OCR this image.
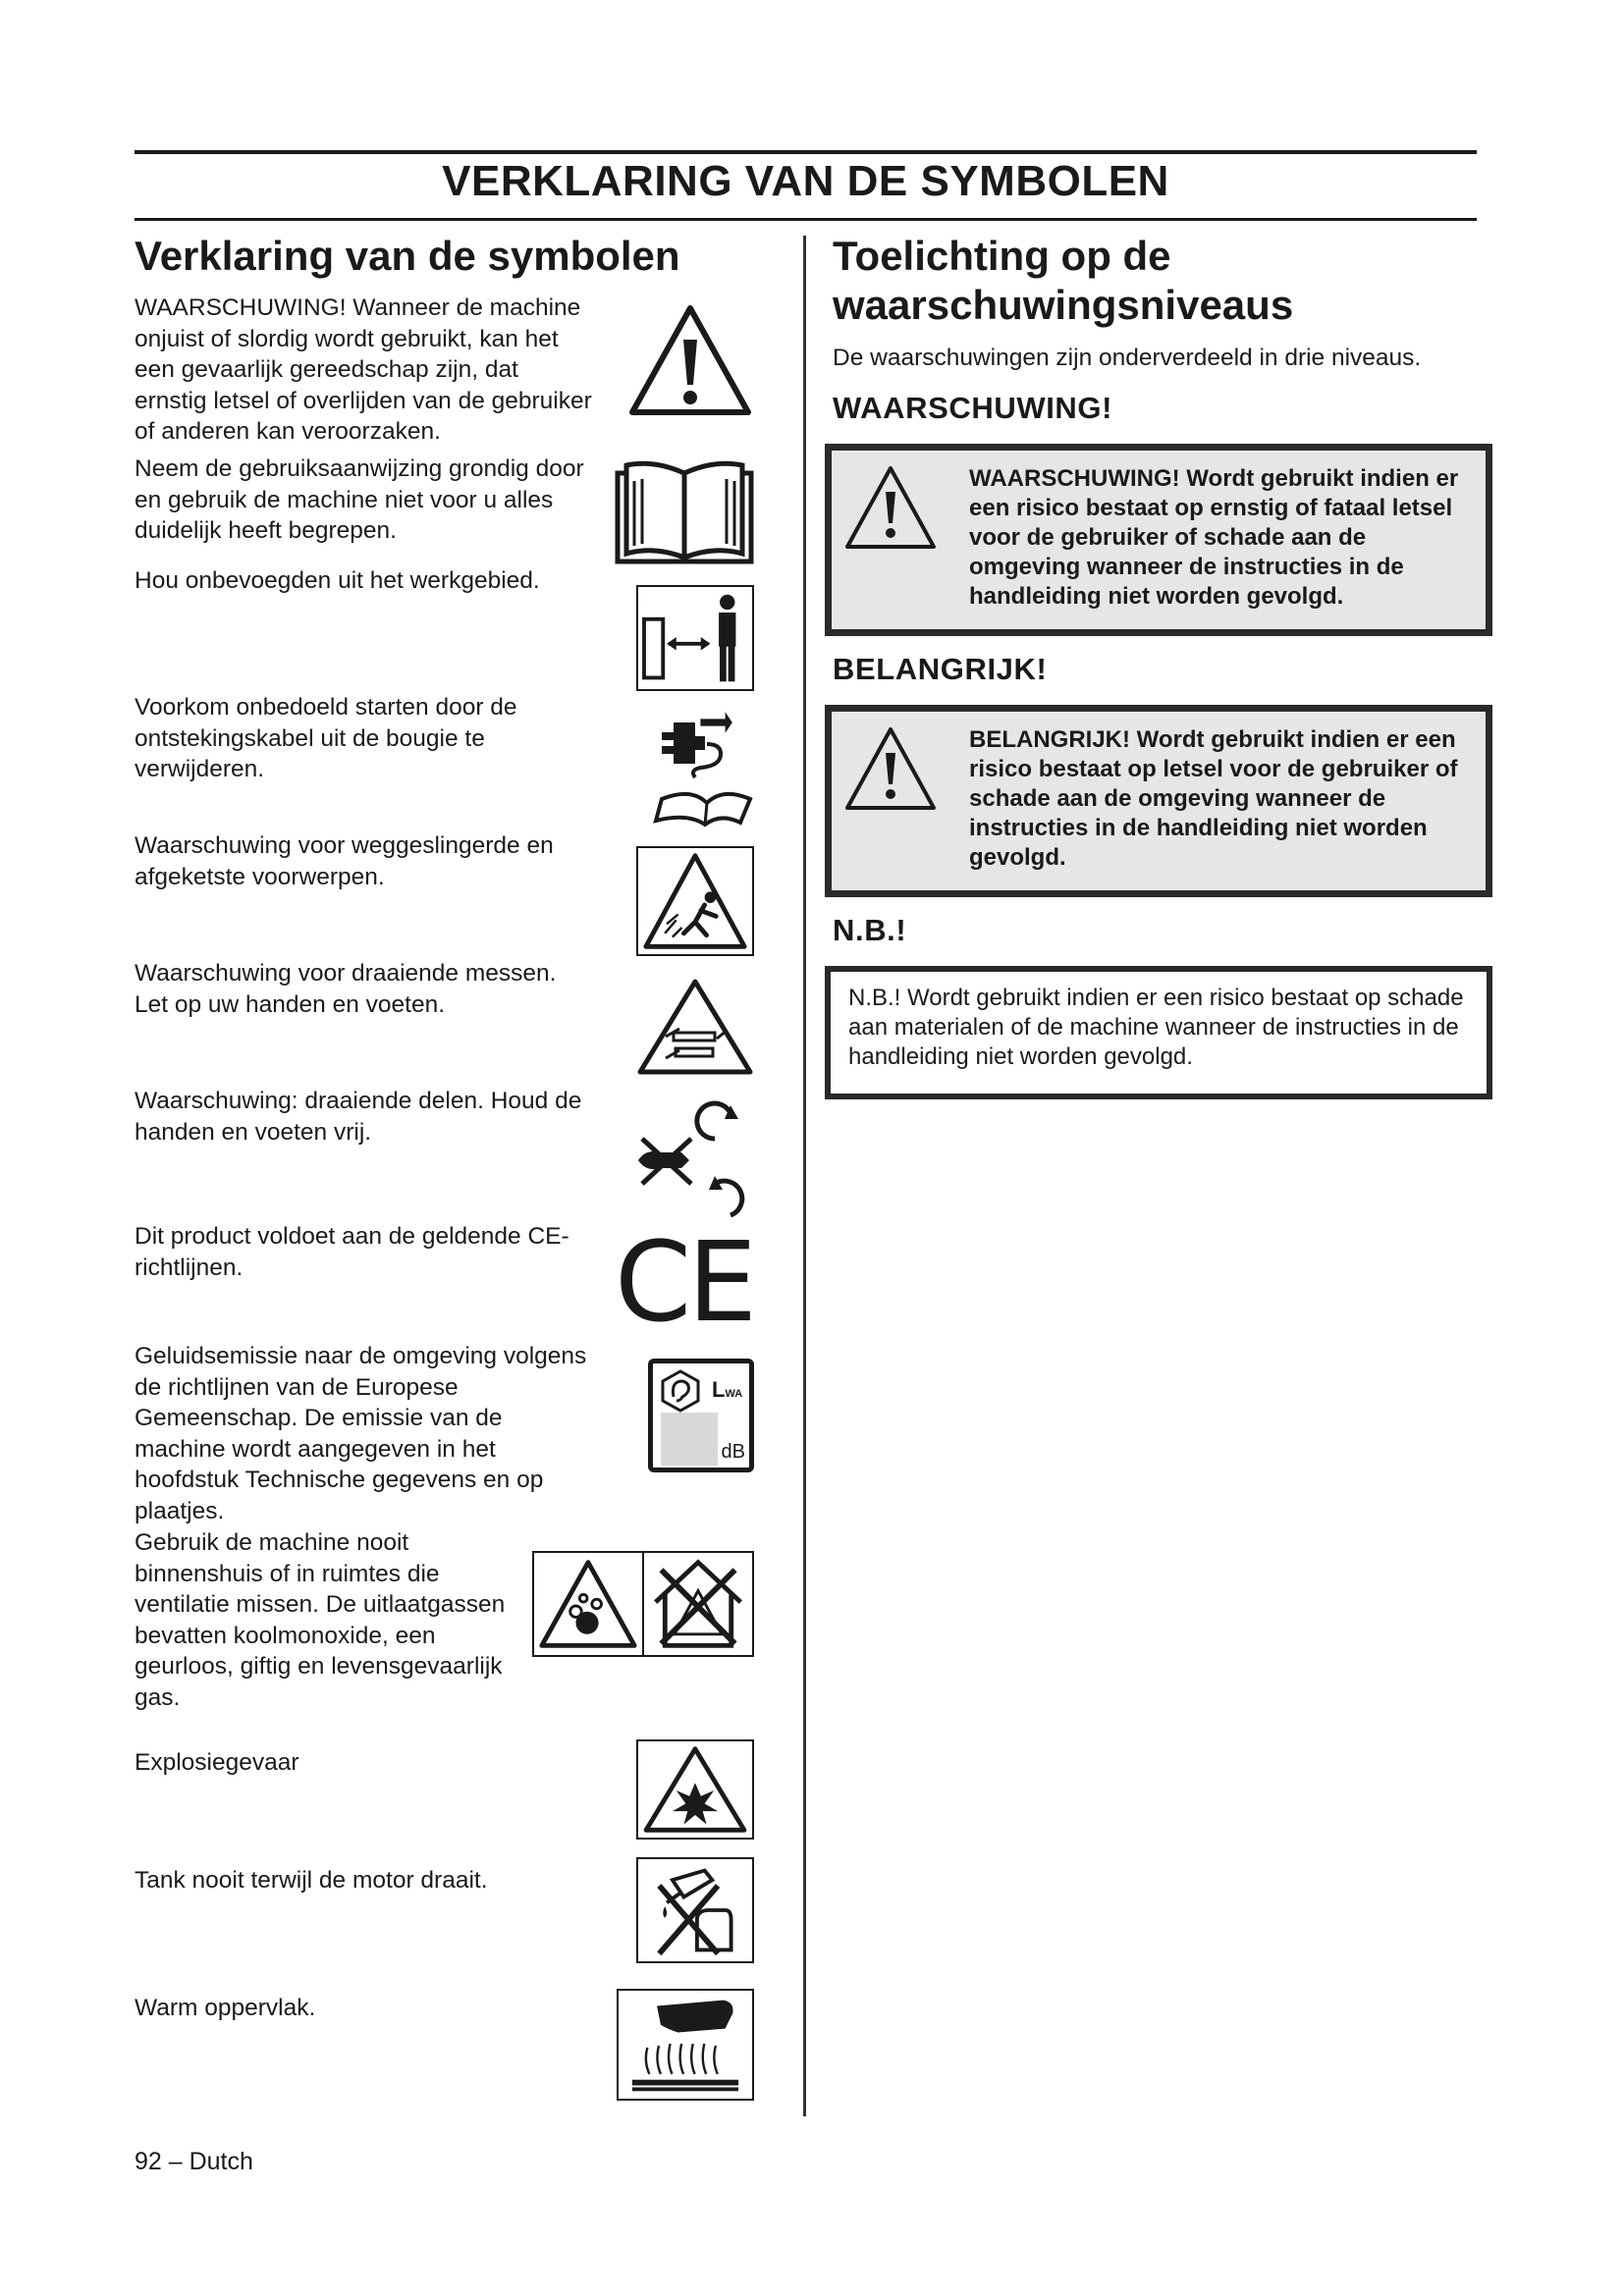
VERKLARING VAN DE SYMBOLEN
Verklaring van de symbolen

WAARSCHUWING! Wanneer de machine onjuist of slordig wordt gebruikt, kan het een gevaarlijk gereedschap zijn, dat ernstig letsel of overlijden van de gebruiker of anderen kan veroorzaken.

Neem de gebruiksaanwijzing grondig door en gebruik de machine niet voor u alles duidelijk heeft begrepen.

Hou onbevoegden uit het werkgebied.

Voorkom onbedoeld starten door de ontstekingskabel uit de bougie te verwijderen.

Waarschuwing voor weggeslingerde en afgeketste voorwerpen.

Waarschuwing voor draaiende messen. Let op uw handen en voeten.

Waarschuwing: draaiende delen. Houd de handen en voeten vrij.

Dit product voldoet aan de geldende CE-richtlijnen.	CE

Geluidsemissie naar de omgeving volgens de richtlijnen van de Europese Gemeenschap. De emissie van de machine wordt aangegeven in het hoofdstuk Technische gegevens en op plaatjes.

LWA
dB

Gebruik de machine nooit binnenshuis of in ruimtes die ventilatie missen. De uitlaatgassen bevatten koolmonoxide, een geurloos, giftig en levensgevaarlijk gas.

Explosiegevaar

Tank nooit terwijl de motor draait.

Warm oppervlak.

Toelichting op de
waarschuwingsniveaus

De waarschuwingen zijn onderverdeeld in drie niveaus.

WAARSCHUWING!

WAARSCHUWING! Wordt gebruikt indien er een risico bestaat op ernstig of fataal letsel voor de gebruiker of schade aan de omgeving wanneer de instructies in de handleiding niet worden gevolgd.

BELANGRIJK!

BELANGRIJK! Wordt gebruikt indien er een risico bestaat op letsel voor de gebruiker of schade aan de omgeving wanneer de instructies in de handleiding niet worden gevolgd.

N.B.!

N.B.! Wordt gebruikt indien er een risico bestaat op schade aan materialen of de machine wanneer de instructies in de handleiding niet worden gevolgd.
92 – Dutch
